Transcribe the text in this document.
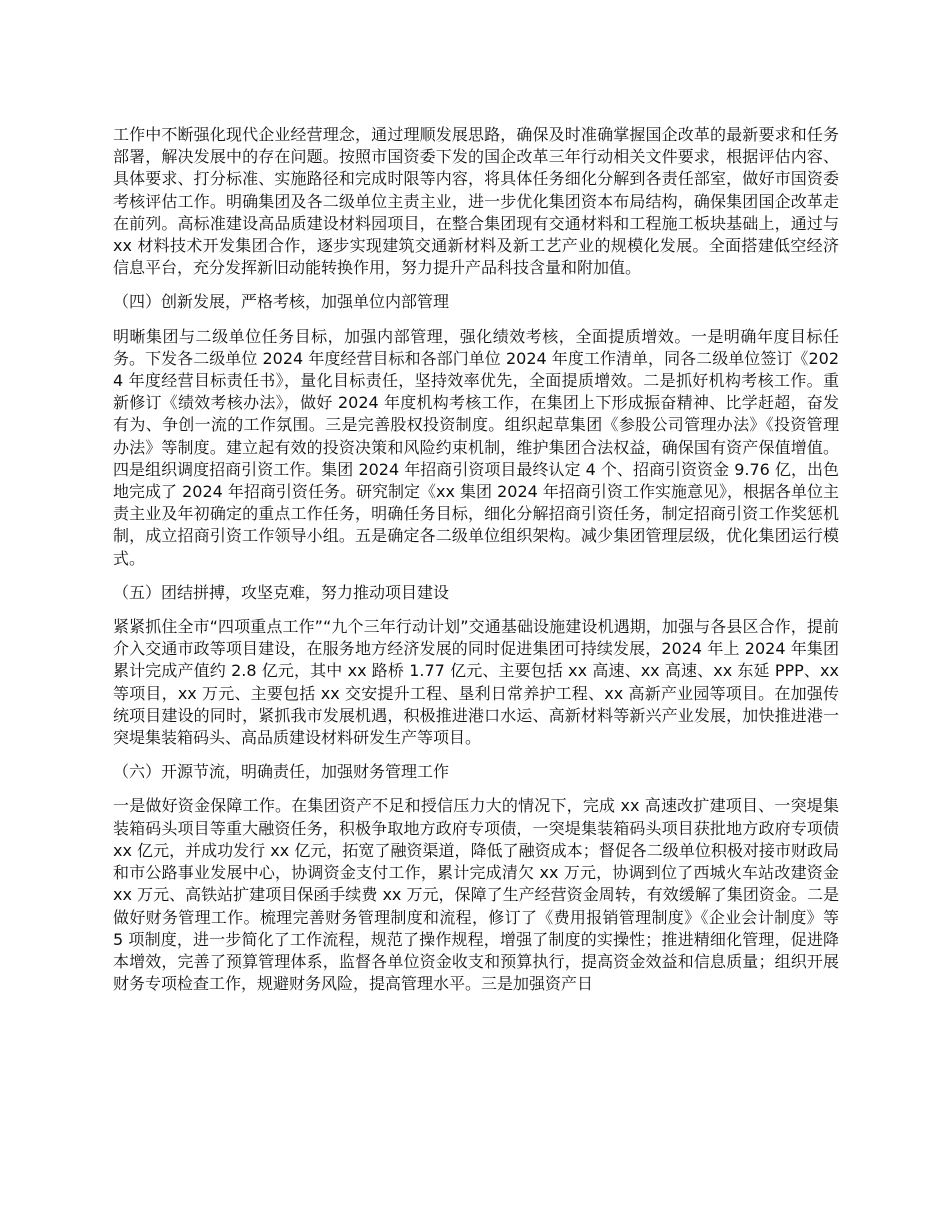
工作中不断强化现代企业经营理念，通过理顺发展思路，确保及时准确掌握国企改革的最新要求和任务部署，解决发展中的存在问题。按照市国资委下发的国企改革三年行动相关文件要求，根据评估内容、具体要求、打分标准、实施路径和完成时限等内容，将具体任务细化分解到各责任部室，做好市国资委考核评估工作。明确集团及各二级单位主责主业，进一步优化集团资本布局结构，确保集团国企改革走在前列。高标准建设高品质建设材料园项目，在整合集团现有交通材料和工程施工板块基础上，通过与 xx 材料技术开发集团合作，逐步实现建筑交通新材料及新工艺产业的规模化发展。全面搭建低空经济信息平台，充分发挥新旧动能转换作用，努力提升产品科技含量和附加值。

（四）创新发展，严格考核，加强单位内部管理

明晰集团与二级单位任务目标，加强内部管理，强化绩效考核，全面提质增效。一是明确年度目标任务。下发各二级单位 2024 年度经营目标和各部门单位 2024 年度工作清单，同各二级单位签订《2024 年度经营目标责任书》，量化目标责任，坚持效率优先，全面提质增效。二是抓好机构考核工作。重新修订《绩效考核办法》，做好 2024 年度机构考核工作，在集团上下形成振奋精神、比学赶超，奋发有为、争创一流的工作氛围。三是完善股权投资制度。组织起草集团《参股公司管理办法》《投资管理办法》等制度。建立起有效的投资决策和风险约束机制，维护集团合法权益，确保国有资产保值增值。四是组织调度招商引资工作。集团 2024 年招商引资项目最终认定 4 个、招商引资资金 9.76 亿，出色地完成了 2024 年招商引资任务。研究制定《xx 集团 2024 年招商引资工作实施意见》，根据各单位主责主业及年初确定的重点工作任务，明确任务目标，细化分解招商引资任务，制定招商引资工作奖惩机制，成立招商引资工作领导小组。五是确定各二级单位组织架构。减少集团管理层级，优化集团运行模式。

（五）团结拼搏，攻坚克难，努力推动项目建设

紧紧抓住全市“四项重点工作”“九个三年行动计划”交通基础设施建设机遇期，加强与各县区合作，提前介入交通市政等项目建设，在服务地方经济发展的同时促进集团可持续发展，2024 年上 2024 年集团累计完成产值约 2.8 亿元，其中 xx 路桥 1.77 亿元、主要包括 xx 高速、xx 高速、xx 东延 PPP、xx 等项目，xx 万元、主要包括 xx 交安提升工程、垦利日常养护工程、xx 高新产业园等项目。在加强传统项目建设的同时，紧抓我市发展机遇，积极推进港口水运、高新材料等新兴产业发展，加快推进港一突堤集装箱码头、高品质建设材料研发生产等项目。

（六）开源节流，明确责任，加强财务管理工作

一是做好资金保障工作。在集团资产不足和授信压力大的情况下，完成 xx 高速改扩建项目、一突堤集装箱码头项目等重大融资任务，积极争取地方政府专项债，一突堤集装箱码头项目获批地方政府专项债 xx 亿元，并成功发行 xx 亿元，拓宽了融资渠道，降低了融资成本；督促各二级单位积极对接市财政局和市公路事业发展中心，协调资金支付工作，累计完成清欠 xx 万元，协调到位了西城火车站改建资金 xx 万元、高铁站扩建项目保函手续费 xx 万元，保障了生产经营资金周转，有效缓解了集团资金。二是做好财务管理工作。梳理完善财务管理制度和流程，修订了《费用报销管理制度》《企业会计制度》等 5 项制度，进一步简化了工作流程，规范了操作规程，增强了制度的实操性；推进精细化管理，促进降本增效，完善了预算管理体系，监督各单位资金收支和预算执行，提高资金效益和信息质量；组织开展财务专项检查工作，规避财务风险，提高管理水平。三是加强资产日
